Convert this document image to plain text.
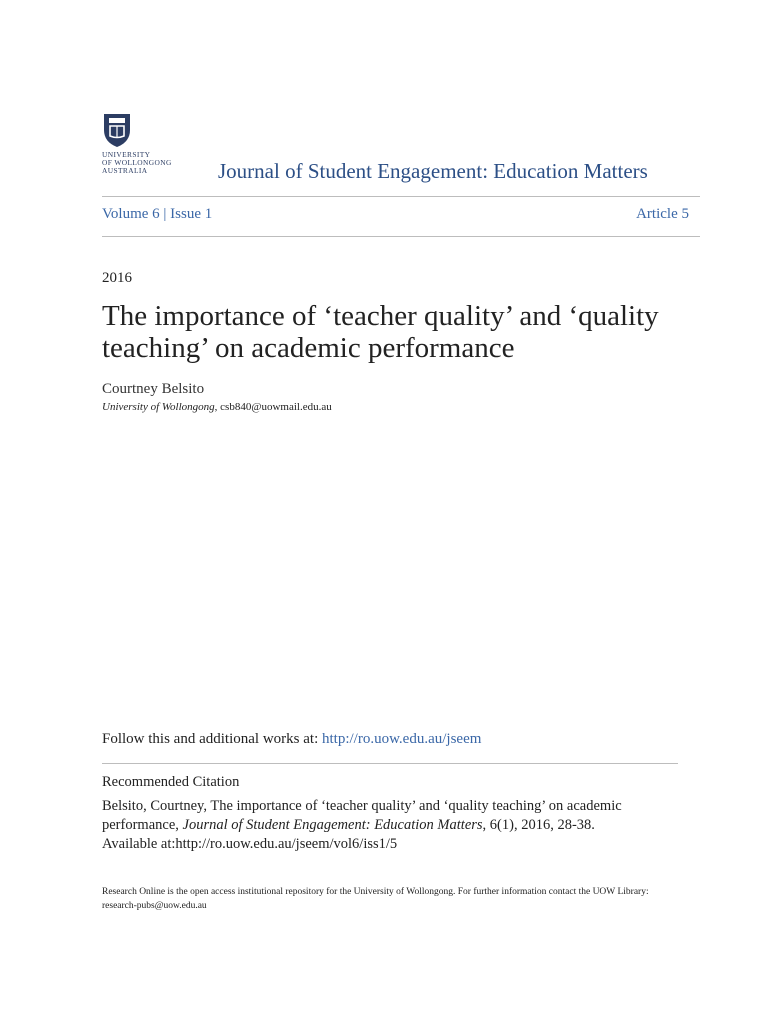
UNIVERSITY
OF WOLLONGONG
AUSTRALIA	Journal of Student Engagement: Education Matters
Volume 6 | Issue 1	Article 5
2016
The importance of ‘teacher quality’ and ‘quality teaching’ on academic performance
Courtney Belsito
University of Wollongong, csb840@uowmail.edu.au
Follow this and additional works at: http://ro.uow.edu.au/jseem
Recommended Citation
Belsito, Courtney, The importance of ‘teacher quality’ and ‘quality teaching’ on academic performance, Journal of Student Engagement: Education Matters, 6(1), 2016, 28-38.
Available at:http://ro.uow.edu.au/jseem/vol6/iss1/5
Research Online is the open access institutional repository for the University of Wollongong. For further information contact the UOW Library:
research-pubs@uow.edu.au
